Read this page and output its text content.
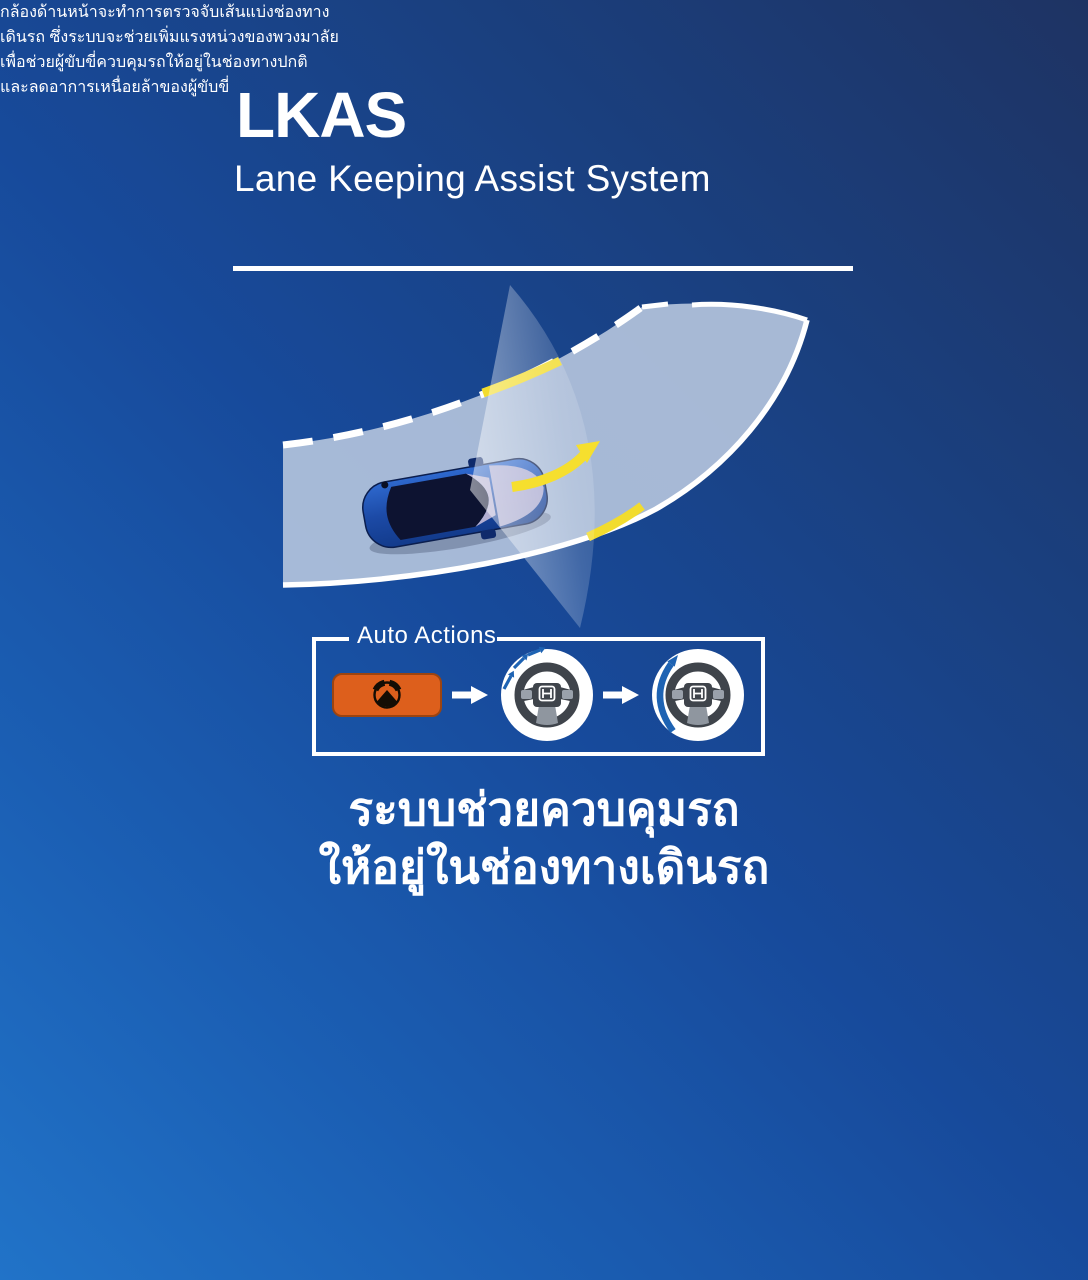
LKAS
Lane Keeping Assist System
Auto Actions
ระบบช่วยควบคุมรถ
ให้อยู่ในช่องทางเดินรถ

กล้องด้านหน้าจะทำการตรวจจับเส้นแบ่งช่องทาง
เดินรถ ซึ่งระบบจะช่วยเพิ่มแรงหน่วงของพวงมาลัย
เพื่อช่วยผู้ขับขี่ควบคุมรถให้อยู่ในช่องทางปกติ
และลดอาการเหนื่อยล้าของผู้ขับขี่
